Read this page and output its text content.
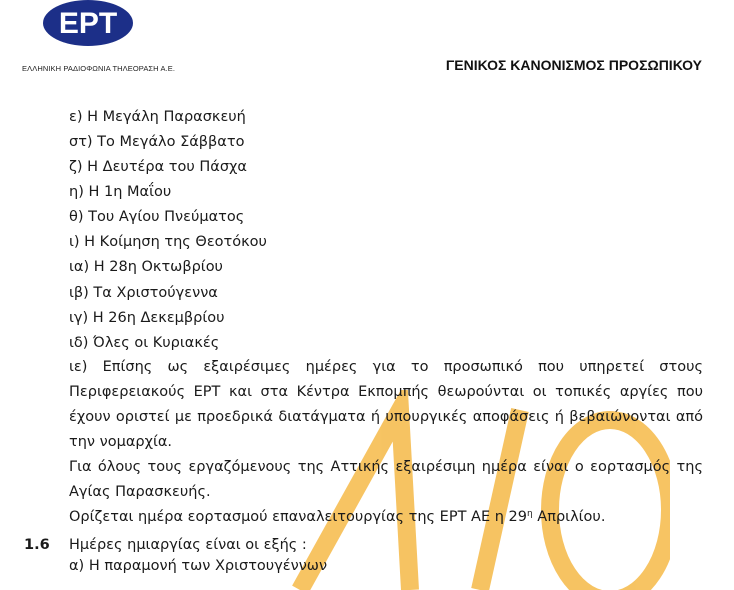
ΕΡΤ
ΕΛΛΗΝΙΚΗ ΡΑΔΙΟΦΩΝΙΑ ΤΗΛΕΟΡΑΣΗ Α.Ε.	ΓΕΝΙΚΟΣ ΚΑΝΟΝΙΣΜΟΣ ΠΡΟΣΩΠΙΚΟΥ
ε) Η Μεγάλη Παρασκευή
στ) Το Μεγάλο Σάββατο
ζ) Η Δευτέρα του Πάσχα
η) Η 1η Μαΐου
θ) Του Αγίου Πνεύματος
ι) Η Κοίμηση της Θεοτόκου
ια) Η 28η Οκτωβρίου
ιβ) Τα Χριστούγεννα
ιγ) Η 26η Δεκεμβρίου
ιδ) Όλες οι Κυριακές
ιε) Επίσης ως εξαιρέσιμες ημέρες για το προσωπικό που υπηρετεί στους Περιφερειακούς ΕΡΤ και στα Κέντρα Εκπομπής θεωρούνται οι τοπικές αργίες που έχουν οριστεί με προεδρικά διατάγματα ή υπουργικές αποφάσεις ή βεβαιώνονται από την νομαρχία.
Για όλους τους εργαζόμενους της Αττικής εξαιρέσιμη ημέρα είναι ο εορτασμός της Αγίας Παρασκευής.
Ορίζεται ημέρα εορτασμού επαναλειτουργίας της ΕΡΤ ΑΕ η $29^\eta$ Απριλίου.
1.6 Ημέρες ημιαργίας είναι οι εξής :
α) Η παραμονή των Χριστουγέννων
